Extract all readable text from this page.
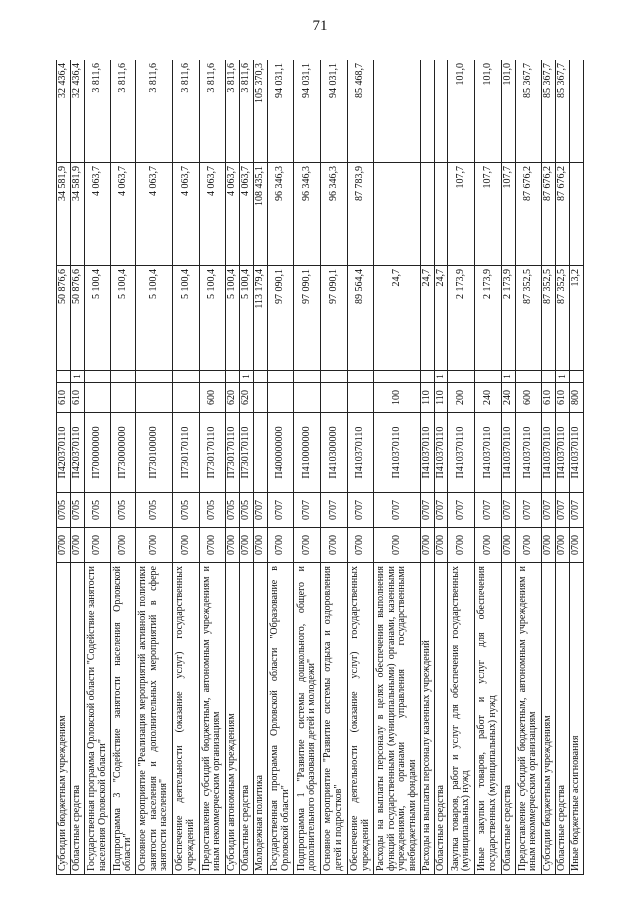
71
Субсидии бюджетным учреждениям	0700	0705	П420370110	610		50 876,6	34 581,9	32 436,4
Областные средства	0700	0705	П420370110	610	1	50 876,6	34 581,9	32 436,4
Государственная программа Орловской области "Содействие занятости населения Орловской области"	0700	0705	П700000000			5 100,4	4 063,7	3 811,6
Подпрограмма 3 "Содействие занятости населения Орловской области"	0700	0705	П730000000			5 100,4	4 063,7	3 811,6
Основное мероприятие "Реализация мероприятий активной политики занятости населения и дополнительных мероприятий в сфере занятости населения"	0700	0705	П730100000			5 100,4	4 063,7	3 811,6
Обеспечение деятельности (оказание услуг) государственных учреждений	0700	0705	П730170110			5 100,4	4 063,7	3 811,6
Предоставление субсидий бюджетным, автономным учреждениям и иным некоммерческим организациям	0700	0705	П730170110	600		5 100,4	4 063,7	3 811,6
Субсидии автономным учреждениям	0700	0705	П730170110	620		5 100,4	4 063,7	3 811,6
Областные средства	0700	0705	П730170110	620	1	5 100,4	4 063,7	3 811,6
Молодежная политика	0700	0707				113 179,4	108 435,1	105 370,3
Государственная программа Орловской области "Образование в Орловской области"	0700	0707	П400000000			97 090,1	96 346,3	94 031,1
Подпрограмма 1 "Развитие системы дошкольного, общего и дополнительного образования детей и молодежи"	0700	0707	П410000000			97 090,1	96 346,3	94 031,1
Основное мероприятие "Развитие системы отдыха и оздоровления детей и подростков"	0700	0707	П410300000			97 090,1	96 346,3	94 031,1
Обеспечение деятельности (оказание услуг) государственных учреждений	0700	0707	П410370110			89 564,4	87 783,9	85 468,7
Расходы на выплаты персоналу в целях обеспечения выполнения функций государственными (муниципальными) органами, казенными учреждениями, органами управления государственными внебюджетными фондами	0700	0707	П410370110	100		24,7		
Расходы на выплаты персоналу казенных учреждений	0700	0707	П410370110	110		24,7		
Областные средства	0700	0707	П410370110	110	1	24,7		
Закупка товаров, работ и услуг для обеспечения государственных (муниципальных) нужд	0700	0707	П410370110	200		2 173,9	107,7	101,0
Иные закупки товаров, работ и услуг для обеспечения государственных (муниципальных) нужд	0700	0707	П410370110	240		2 173,9	107,7	101,0
Областные средства	0700	0707	П410370110	240	1	2 173,9	107,7	101,0
Предоставление субсидий бюджетным, автономным учреждениям и иным некоммерческим организациям	0700	0707	П410370110	600		87 352,5	87 676,2	85 367,7
Субсидии бюджетным учреждениям	0700	0707	П410370110	610		87 352,5	87 676,2	85 367,7
Областные средства	0700	0707	П410370110	610	1	87 352,5	87 676,2	85 367,7
Иные бюджетные ассигнования	0700	0707	П410370110	800		13,2		
